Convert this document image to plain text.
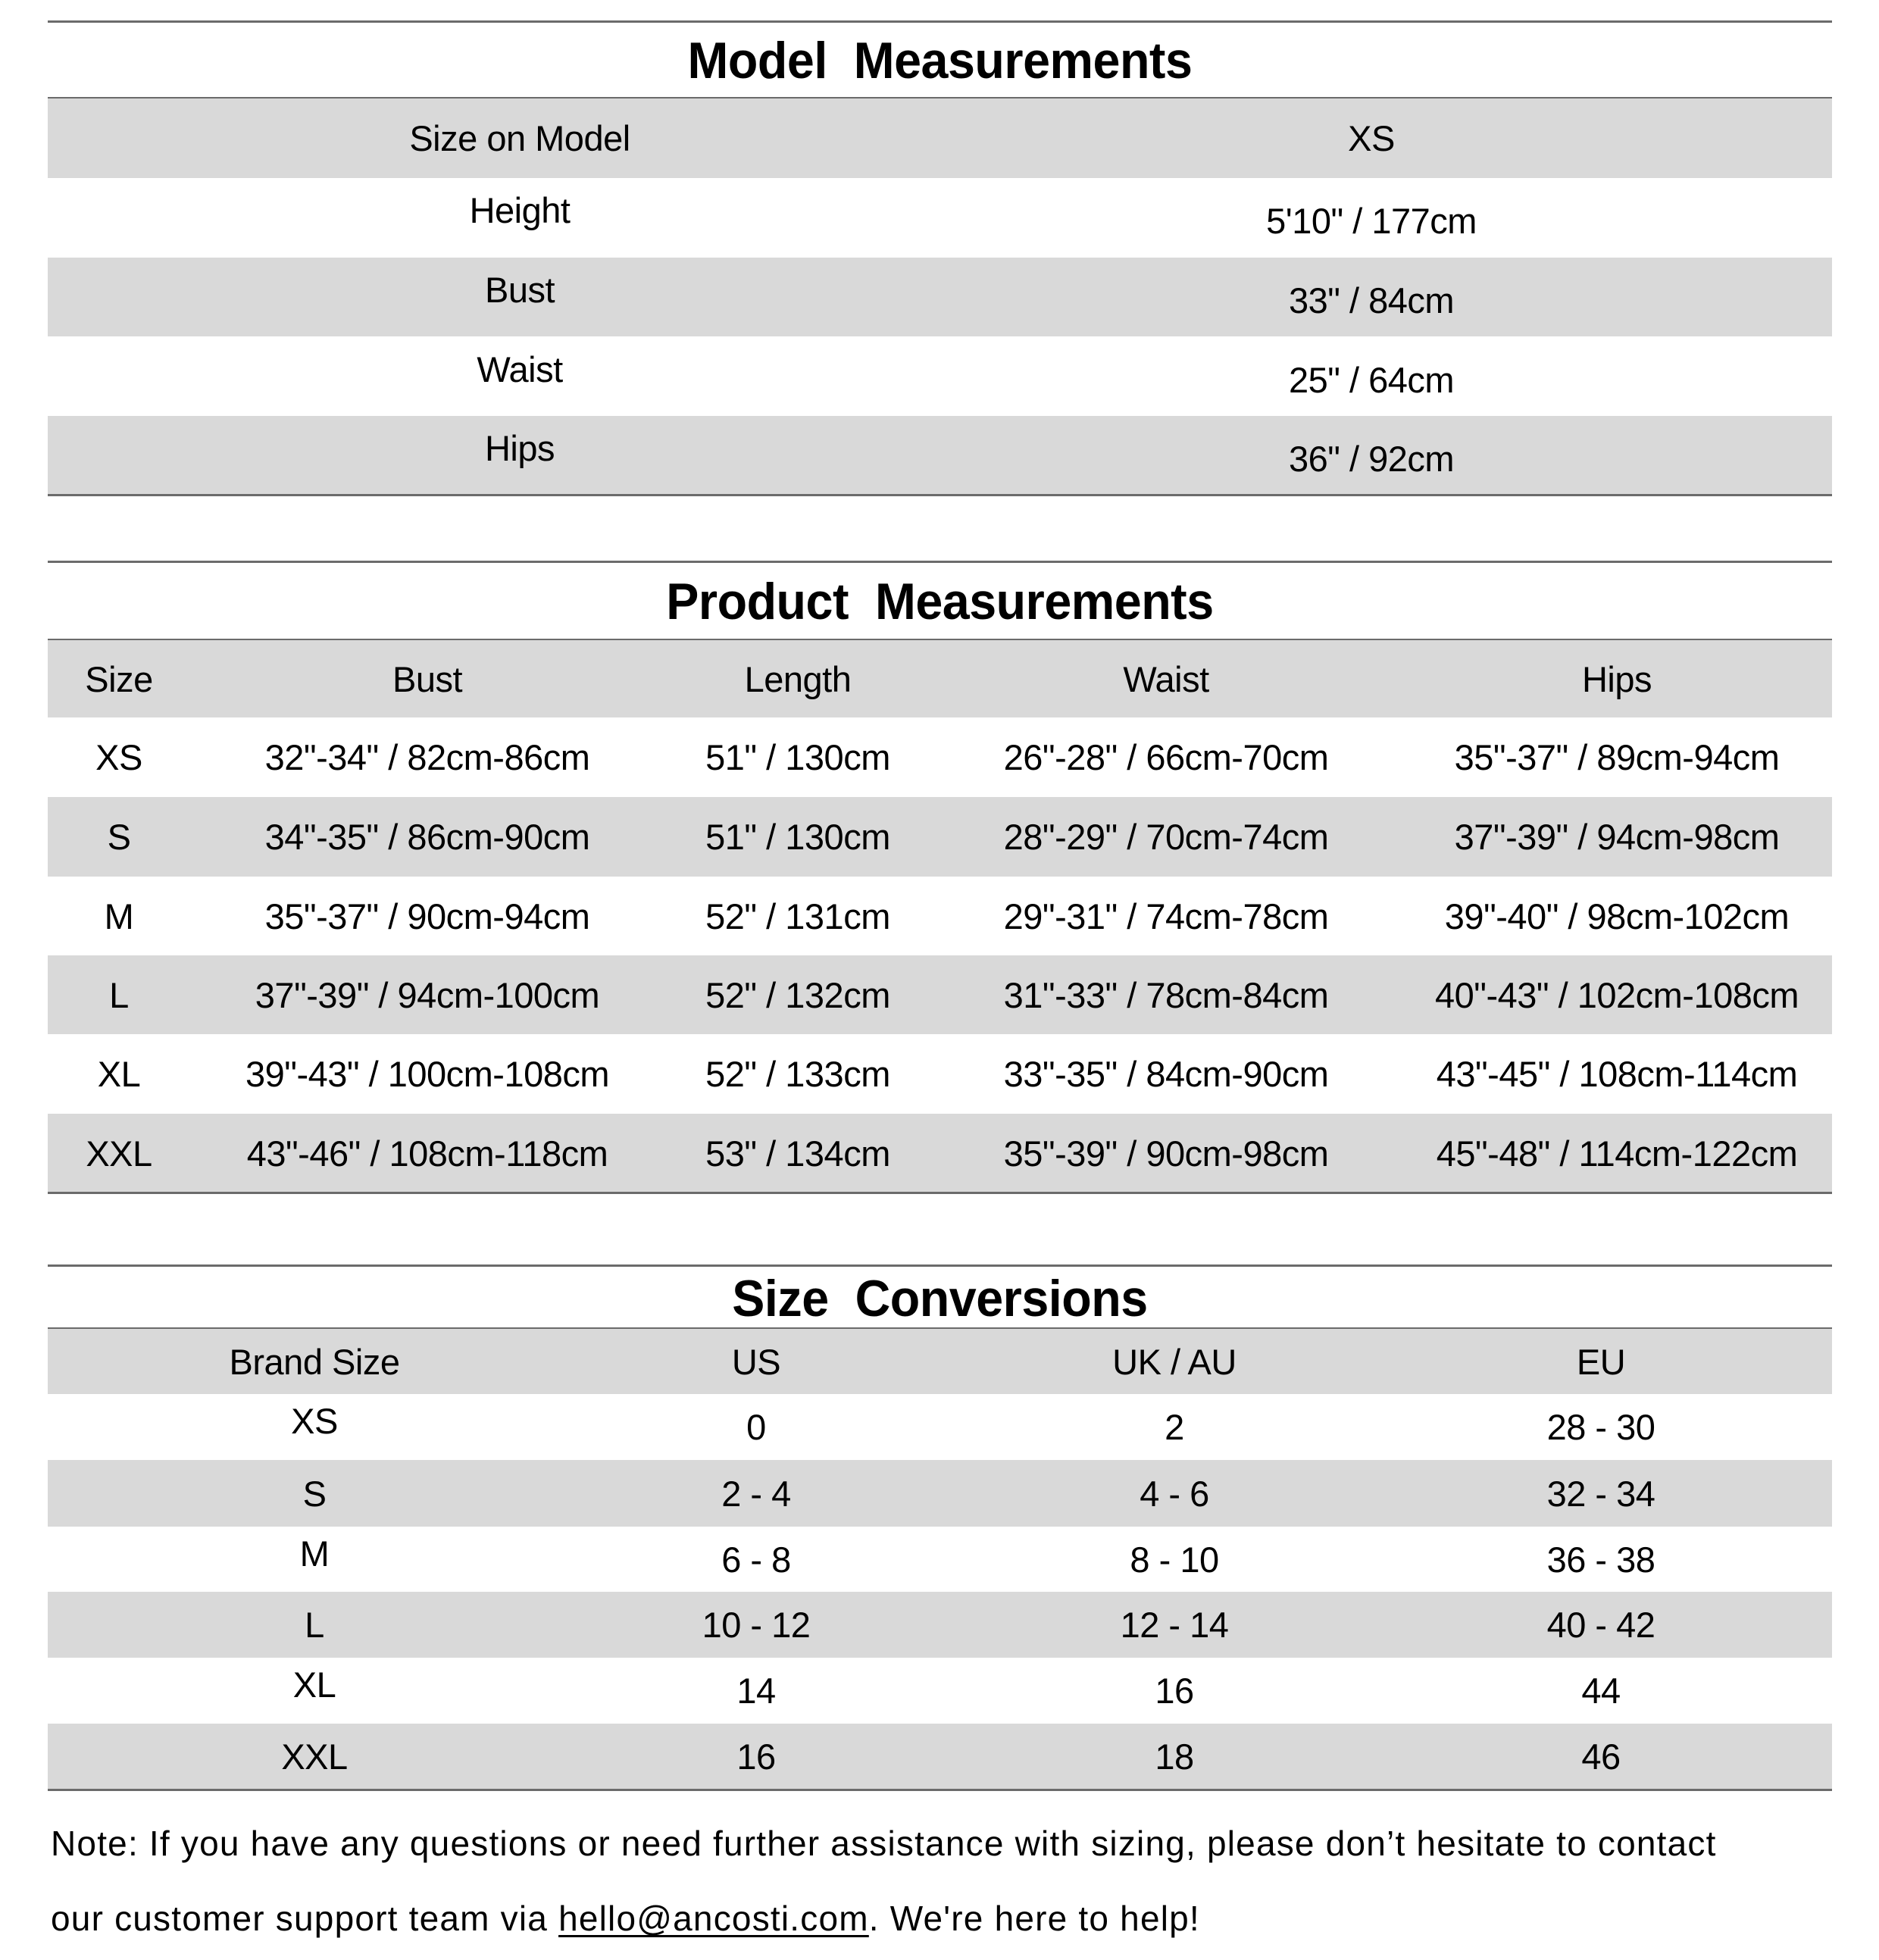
Model  Measurements
Size on Model	XS
Height	5'10" / 177cm
Bust	33" / 84cm
Waist	25" / 64cm
Hips	36" / 92cm
Product  Measurements
Size	Bust	Length	Waist	Hips
XS	32"-34" / 82cm-86cm	51" / 130cm	26"-28" / 66cm-70cm	35"-37" / 89cm-94cm
S	34"-35" / 86cm-90cm	51" / 130cm	28"-29" / 70cm-74cm	37"-39" / 94cm-98cm
M	35"-37" / 90cm-94cm	52" / 131cm	29"-31" / 74cm-78cm	39"-40" / 98cm-102cm
L	37"-39" / 94cm-100cm	52" / 132cm	31"-33" / 78cm-84cm	40"-43" / 102cm-108cm
XL	39"-43" / 100cm-108cm	52" / 133cm	33"-35" / 84cm-90cm	43"-45" / 108cm-114cm
XXL	43"-46" / 108cm-118cm	53" / 134cm	35"-39" / 90cm-98cm	45"-48" / 114cm-122cm
Size  Conversions
Brand Size	US	UK / AU	EU
XS	0	2	28 - 30
S	2 - 4	4 - 6	32 - 34
M	6 - 8	8 - 10	36 - 38
L	10 - 12	12 - 14	40 - 42
XL	14	16	44
XXL	16	18	46

Note: If you have any questions or need further assistance with sizing, please don’t hesitate to contact

our customer support team via hello@ancosti.com. We're here to help!
